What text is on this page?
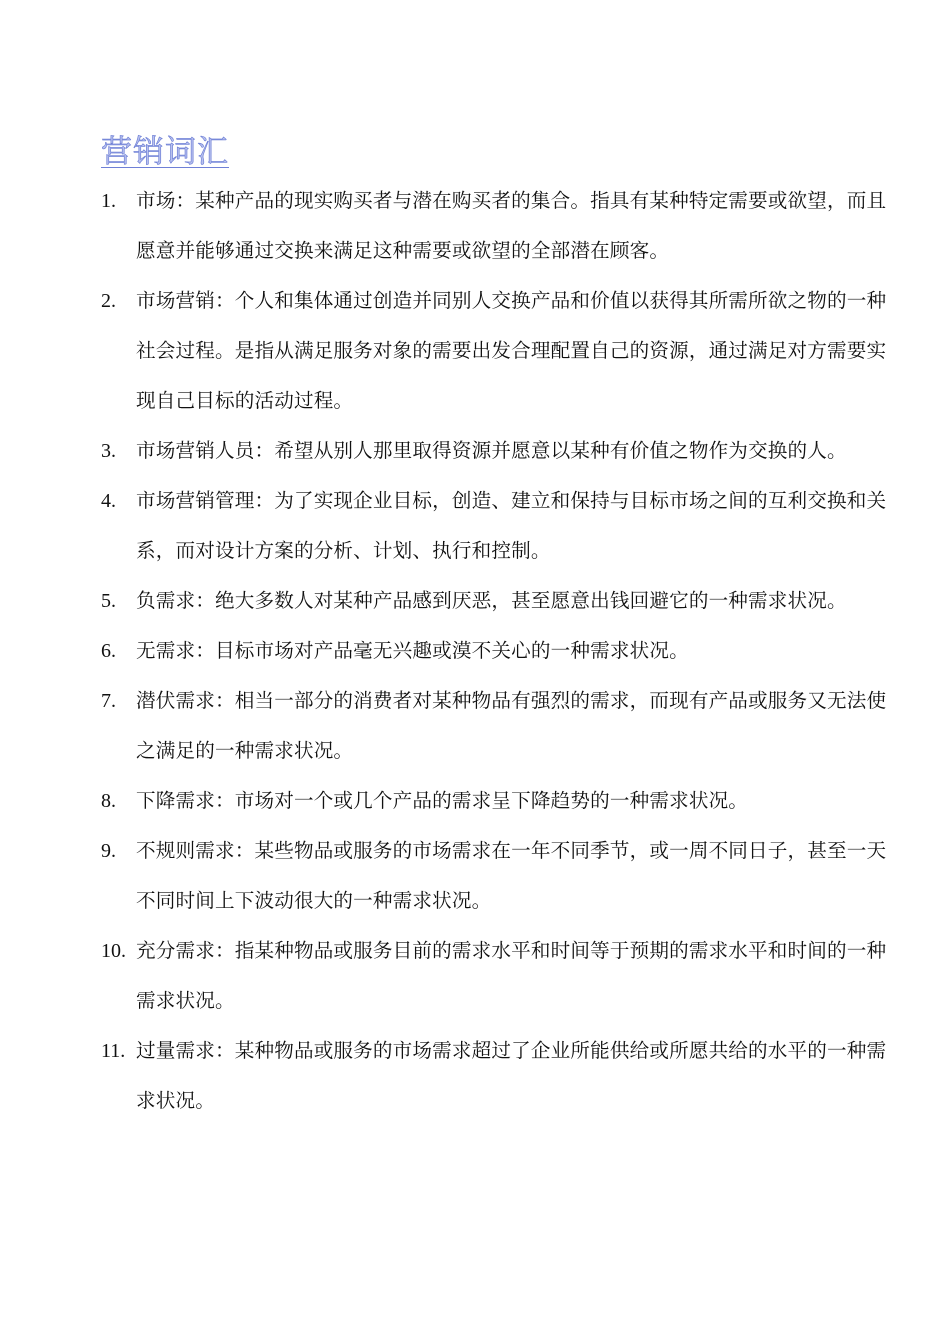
营销词汇
1.	市场：某种产品的现实购买者与潜在购买者的集合。指具有某种特定需要或欲望，而且愿意并能够通过交换来满足这种需要或欲望的全部潜在顾客。
2.	市场营销：个人和集体通过创造并同别人交换产品和价值以获得其所需所欲之物的一种社会过程。是指从满足服务对象的需要出发合理配置自己的资源，通过满足对方需要实现自己目标的活动过程。
3.	市场营销人员：希望从别人那里取得资源并愿意以某种有价值之物作为交换的人。
4.	市场营销管理：为了实现企业目标，创造、建立和保持与目标市场之间的互利交换和关系，而对设计方案的分析、计划、执行和控制。
5.	负需求：绝大多数人对某种产品感到厌恶，甚至愿意出钱回避它的一种需求状况。
6.	无需求：目标市场对产品毫无兴趣或漠不关心的一种需求状况。
7.	潜伏需求：相当一部分的消费者对某种物品有强烈的需求，而现有产品或服务又无法使之满足的一种需求状况。
8.	下降需求：市场对一个或几个产品的需求呈下降趋势的一种需求状况。
9.	不规则需求：某些物品或服务的市场需求在一年不同季节，或一周不同日子，甚至一天不同时间上下波动很大的一种需求状况。
10. 充分需求：指某种物品或服务目前的需求水平和时间等于预期的需求水平和时间的一种需求状况。
11. 过量需求：某种物品或服务的市场需求超过了企业所能供给或所愿共给的水平的一种需求状况。
